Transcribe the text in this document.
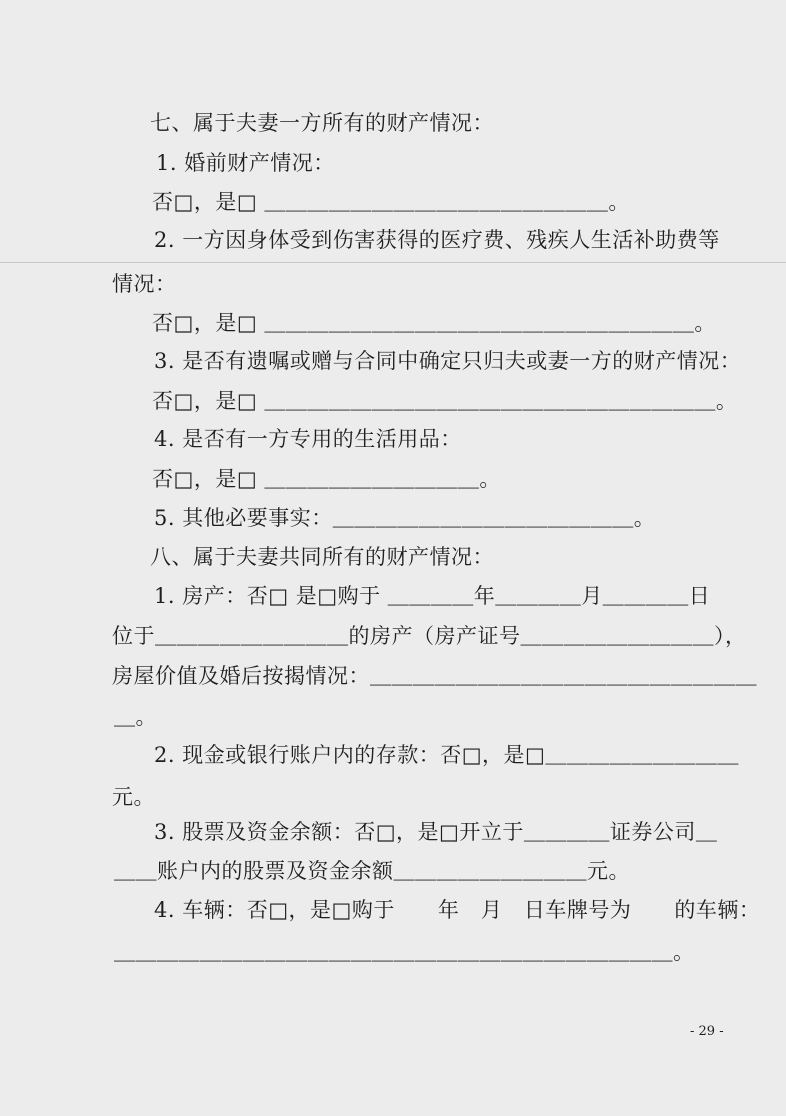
七、属于夫妻一方所有的财产情况：
1. 婚前财产情况：
否□，是□ ＿＿＿＿＿＿＿＿＿＿＿＿＿＿＿＿。
2. 一方因身体受到伤害获得的医疗费、残疾人生活补助费等
情况：
否□，是□ ＿＿＿＿＿＿＿＿＿＿＿＿＿＿＿＿＿＿＿＿。
3. 是否有遗嘱或赠与合同中确定只归夫或妻一方的财产情况：
否□，是□ ＿＿＿＿＿＿＿＿＿＿＿＿＿＿＿＿＿＿＿＿＿。
4. 是否有一方专用的生活用品：
否□，是□ ＿＿＿＿＿＿＿＿＿＿。
5. 其他必要事实：＿＿＿＿＿＿＿＿＿＿＿＿＿＿。
八、属于夫妻共同所有的财产情况：
1. 房产：否□ 是□购于 ＿＿＿＿年＿＿＿＿月＿＿＿＿日
位于＿＿＿＿＿＿＿＿＿的房产（房产证号＿＿＿＿＿＿＿＿＿），
房屋价值及婚后按揭情况：＿＿＿＿＿＿＿＿＿＿＿＿＿＿＿＿＿＿
＿。
2. 现金或银行账户内的存款：否□，是□＿＿＿＿＿＿＿＿＿
元。
3. 股票及资金余额：否□，是□开立于＿＿＿＿证券公司＿
＿＿账户内的股票及资金余额＿＿＿＿＿＿＿＿＿元。
4. 车辆：否□，是□购于　　年　月　日车牌号为　　的车辆：
＿＿＿＿＿＿＿＿＿＿＿＿＿＿＿＿＿＿＿＿＿＿＿＿＿＿。
- 29 -
